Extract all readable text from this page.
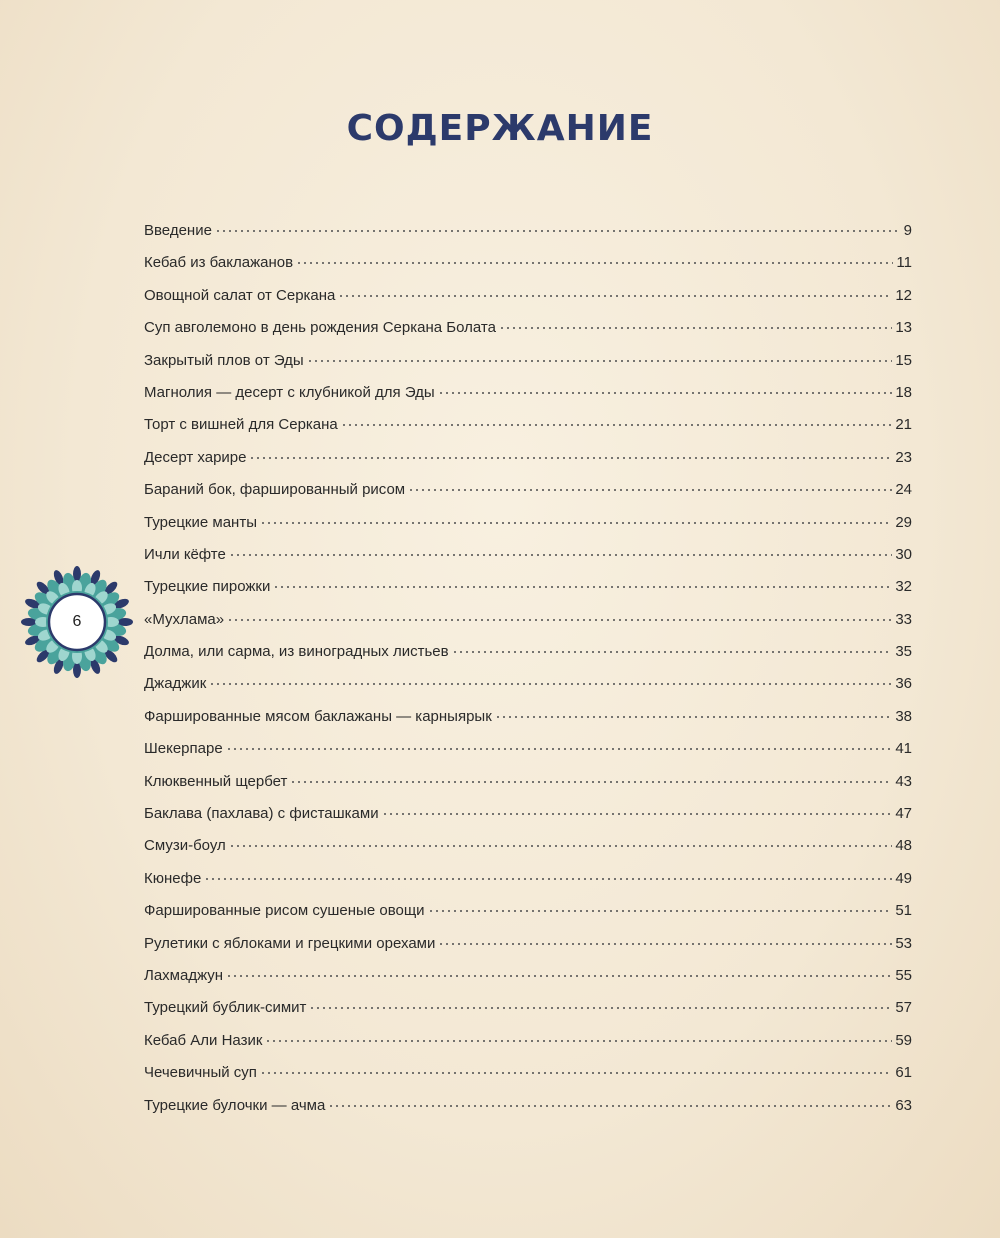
СОДЕРЖАНИЕ
Введение	9
Кебаб из баклажанов	11
Овощной салат от Серкана	12
Суп авголемоно в день рождения Серкана Болата	13
Закрытый плов от Эды	15
Магнолия — десерт с клубникой для Эды	18
Торт с вишней для Серкана	21
Десерт харире	23
Бараний бок, фаршированный рисом	24
Турецкие манты	29
Ичли кёфте	30
Турецкие пирожки	32
«Мухлама»	33
Долма, или сарма, из виноградных листьев	35
Джаджик	36
Фаршированные мясом баклажаны — карныярык	38
Шекерпаре	41
Клюквенный щербет	43
Баклава (пахлава) с фисташками	47
Смузи-боул	48
Кюнефе	49
Фаршированные рисом сушеные овощи	51
Рулетики с яблоками и грецкими орехами	53
Лахмаджун	55
Турецкий бублик-симит	57
Кебаб Али Назик	59
Чечевичный суп	61
Турецкие булочки — ачма	63
6
